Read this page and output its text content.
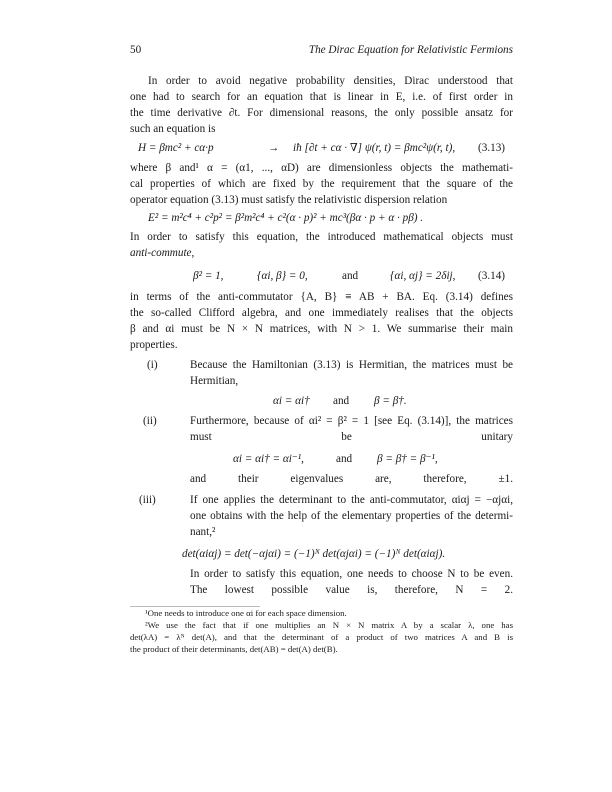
50	The Dirac Equation for Relativistic Fermions
In order to avoid negative probability densities, Dirac understood that
one had to search for an equation that is linear in E, i.e. of first order in
the time derivative ∂t. For dimensional reasons, the only possible ansatz for
such an equation is
H = βmc² + cα·p	→ iħ [∂t + cα · ∇] ψ(r, t) = βmc²ψ(r, t), (3.13)
where β and¹ α = (α1, ..., αD) are dimensionless objects the mathemati-
cal properties of which are fixed by the requirement that the square of the
operator equation (3.13) must satisfy the relativistic dispersion relation
E² = m²c⁴ + c²p² = β²m²c⁴ + c²(α · p)² + mc³(βα · p + α · pβ) .
In order to satisfy this equation, the introduced mathematical objects must
anti-commute,
β² = 1,	{αi, β} = 0,	and	{αi, αj} = 2δij, (3.14)
in terms of the anti-commutator {A, B} ≡ AB + BA. Eq. (3.14) defines
the so-called Clifford algebra, and one immediately realises that the objects
β and αi must be N × N matrices, with N > 1. We summarise their main
properties.
(i)	Because the Hamiltonian (3.13) is Hermitian, the matrices must be
Hermitian,
αi = αi† and β = β†.
(ii)	Furthermore, because of αi² = β² = 1 [see Eq. (3.14)], the matrices
must be unitary
αi = αi† = αi⁻¹,	and β = β† = β⁻¹,
and their eigenvalues are, therefore, ±1.
(iii)	If one applies the determinant to the anti-commutator, αiαj = −αjαi,
one obtains with the help of the elementary properties of the determi-
nant,²
det(αiαj) = det(−αjαi) = (−1)ᴺ det(αjαi) = (−1)ᴺ det(αiαj).
In order to satisfy this equation, one needs to choose N to be even.
The lowest possible value is, therefore, N = 2.
¹One needs to introduce one αi for each space dimension.
²We use the fact that if one multiplies an N × N matrix A by a scalar λ, one has
det(λA) = λᴺ det(A), and that the determinant of a product of two matrices A and B is
the product of their determinants, det(AB) = det(A) det(B).
